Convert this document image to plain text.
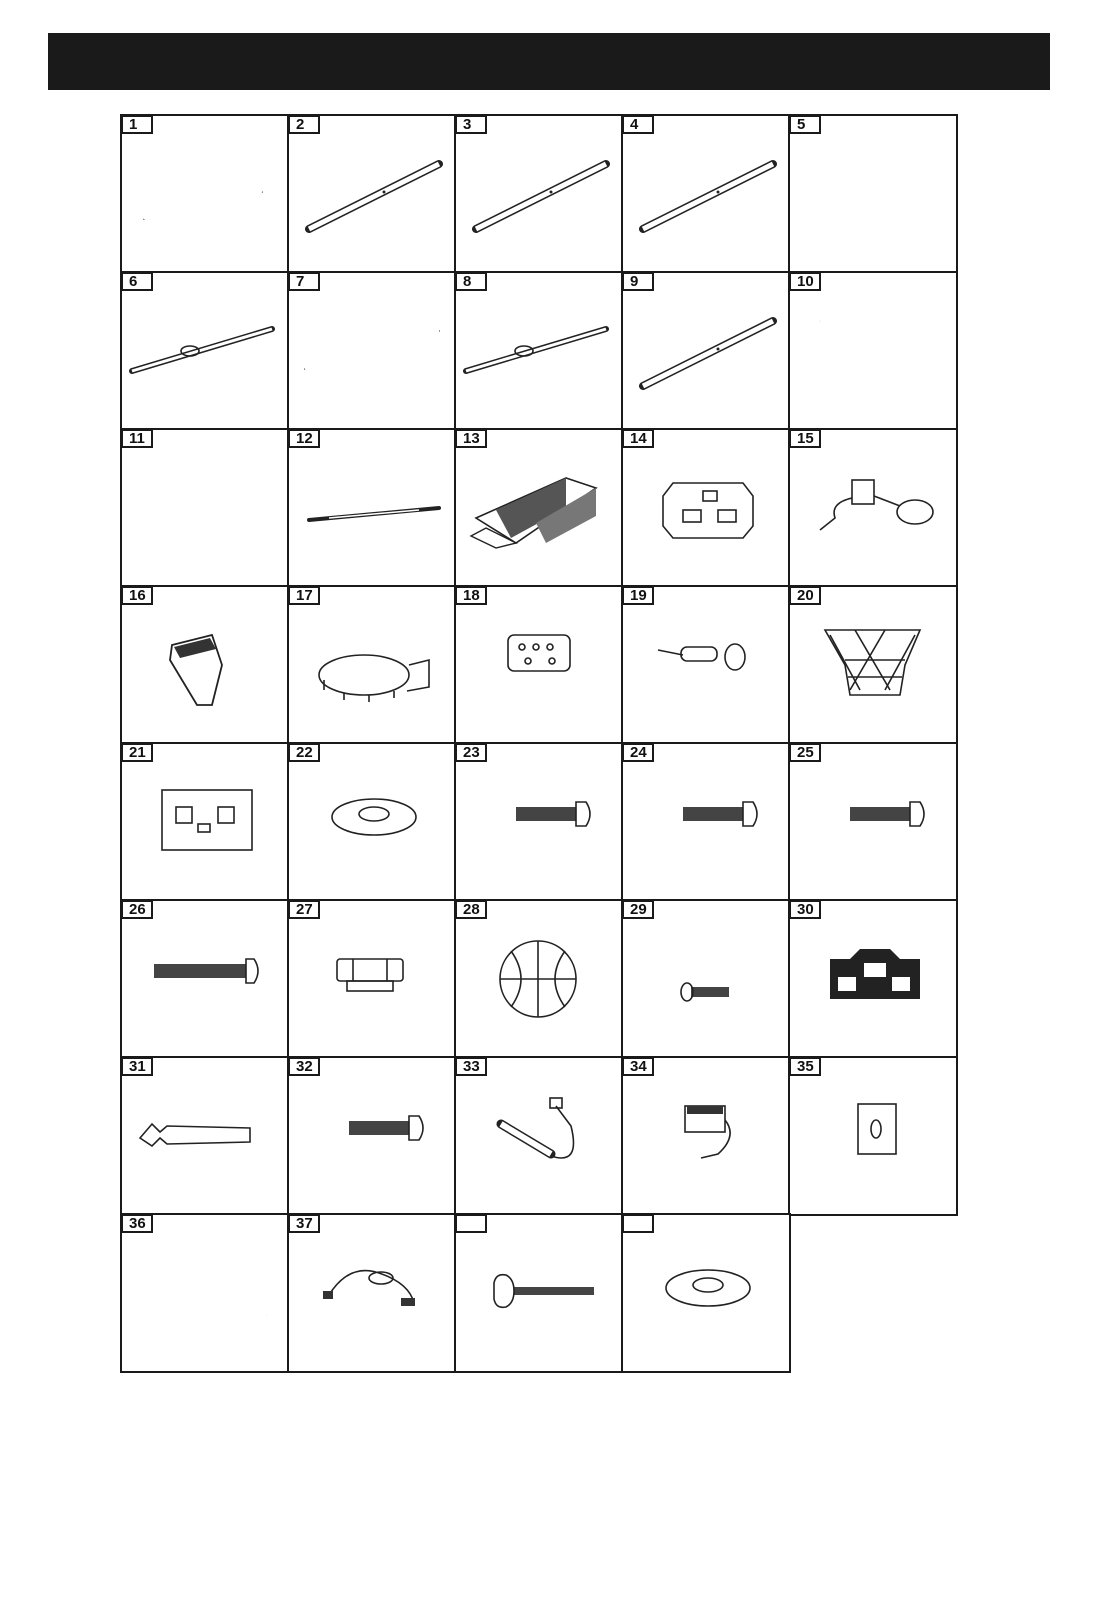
1	2	3	4	5
6	7	8	9	10
11	12	13	14	15
16	17	18	19	20
21	22	23	24	25
26	27	28	29	30
31	32	33	34	35
36	37
